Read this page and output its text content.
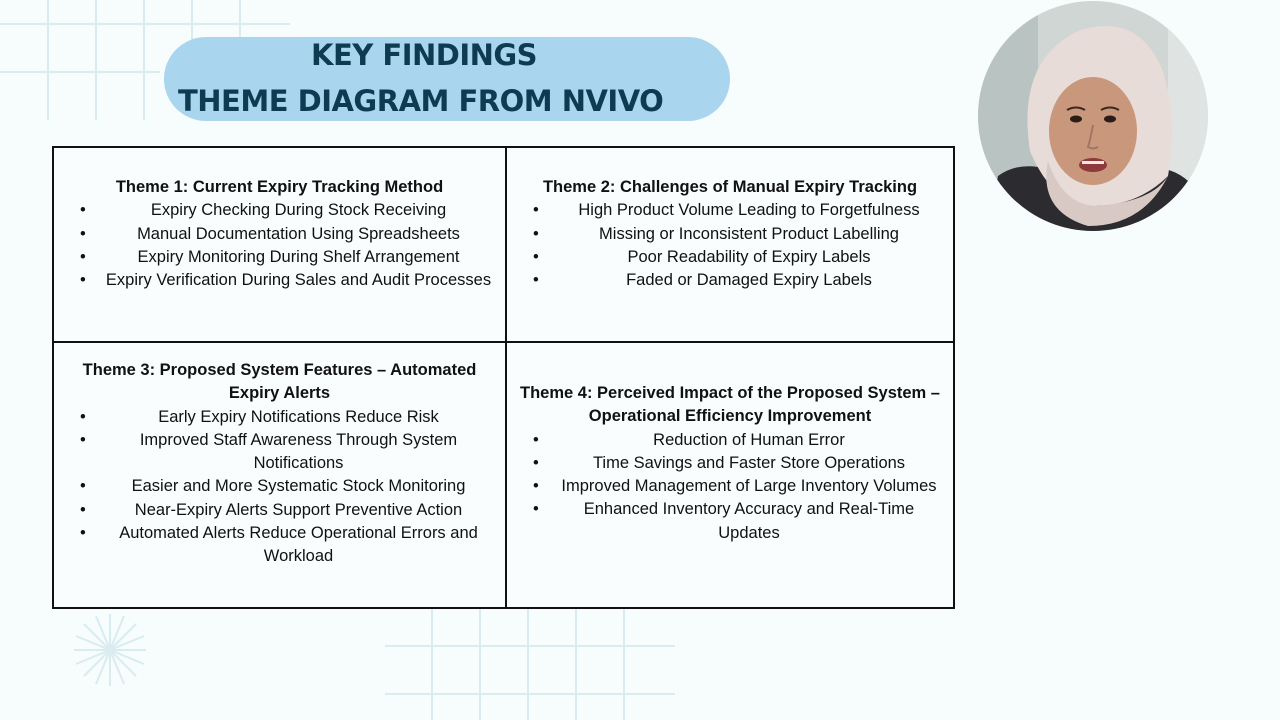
KEY FINDINGS
THEME DIAGRAM FROM NVIVO

Theme 1: Current Expiry Tracking Method

• Expiry Checking During Stock Receiving
• Manual Documentation Using Spreadsheets
• Expiry Monitoring During Shelf Arrangement
• Expiry Verification During Sales and Audit Processes

Theme 2: Challenges of Manual Expiry Tracking

• High Product Volume Leading to Forgetfulness
• Missing or Inconsistent Product Labelling
• Poor Readability of Expiry Labels
• Faded or Damaged Expiry Labels

Theme 3: Proposed System Features – Automated Expiry Alerts

• Early Expiry Notifications Reduce Risk
• Improved Staff Awareness Through System Notifications
• Easier and More Systematic Stock Monitoring
• Near-Expiry Alerts Support Preventive Action
• Automated Alerts Reduce Operational Errors and Workload

Theme 4: Perceived Impact of the Proposed System – Operational Efficiency Improvement

• Reduction of Human Error
• Time Savings and Faster Store Operations
• Improved Management of Large Inventory Volumes
• Enhanced Inventory Accuracy and Real-Time Updates
